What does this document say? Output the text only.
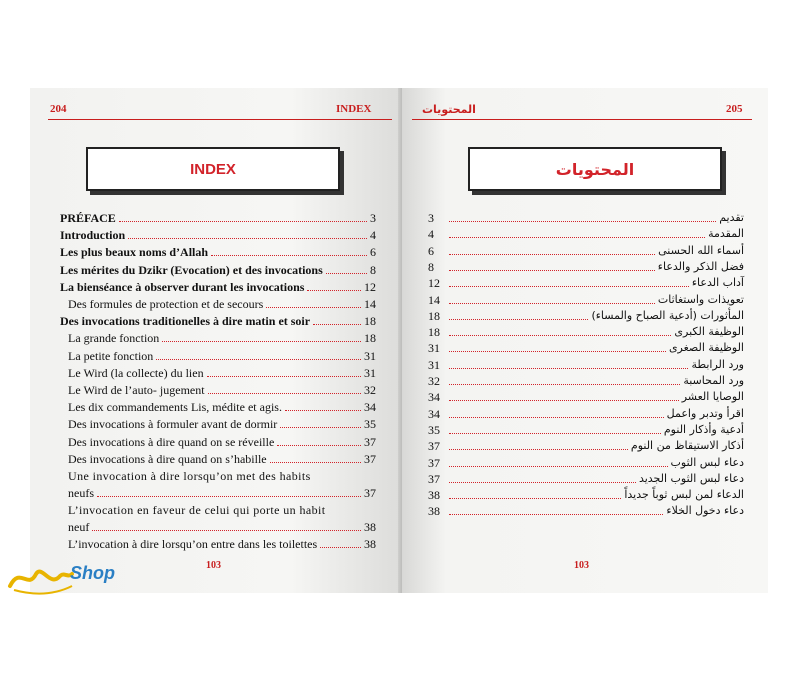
204	INDEX
INDEX
PRÉFACE	3
Introduction	4
Les plus beaux noms d’Allah	6
Les mérites du Dzikr (Evocation) et des invocations	8
La bienséance à observer durant les invocations	12
Des formules de protection et de secours	14
Des invocations traditionelles à dire matin et soir	18
La grande fonction	18
La petite fonction	31
Le Wird (la collecte) du lien	31
Le Wird de l’auto- jugement	32
Les dix commandements Lis, médite et agis.	34
Des invocations à formuler avant de dormir	35
Des invocations à dire quand on se réveille	37
Des invocations à dire quand on s’habille	37
Une invocation à dire lorsqu’on met des habits
neufs	37
L’invocation en faveur de celui qui porte un habit
neuf	38
L’invocation à dire lorsqu’on entre dans les toilettes	38
103
المحتويات	205
المحتويات
3	تقديم
4	المقدمة
6	أسماء الله الحسنى
8	فضل الذكر والدعاء
12	آداب الدعاء
14	تعويذات واستغاثات
18	المأثورات (أدعية الصباح والمساء)
18	الوظيفة الكبرى
31	الوظيفة الصغرى
31	ورد الرابطة
32	ورد المحاسبة
34	الوصايا العشر
34	اقرأ وتدبر واعمل
35	أدعية وأذكار النوم
37	أذكار الاستيقاظ من النوم
37	دعاء لبس الثوب
37	دعاء لبس الثوب الجديد
38	الدعاء لمن لبس ثوباً جديداً
38	دعاء دخول الخلاء
103
Shop
